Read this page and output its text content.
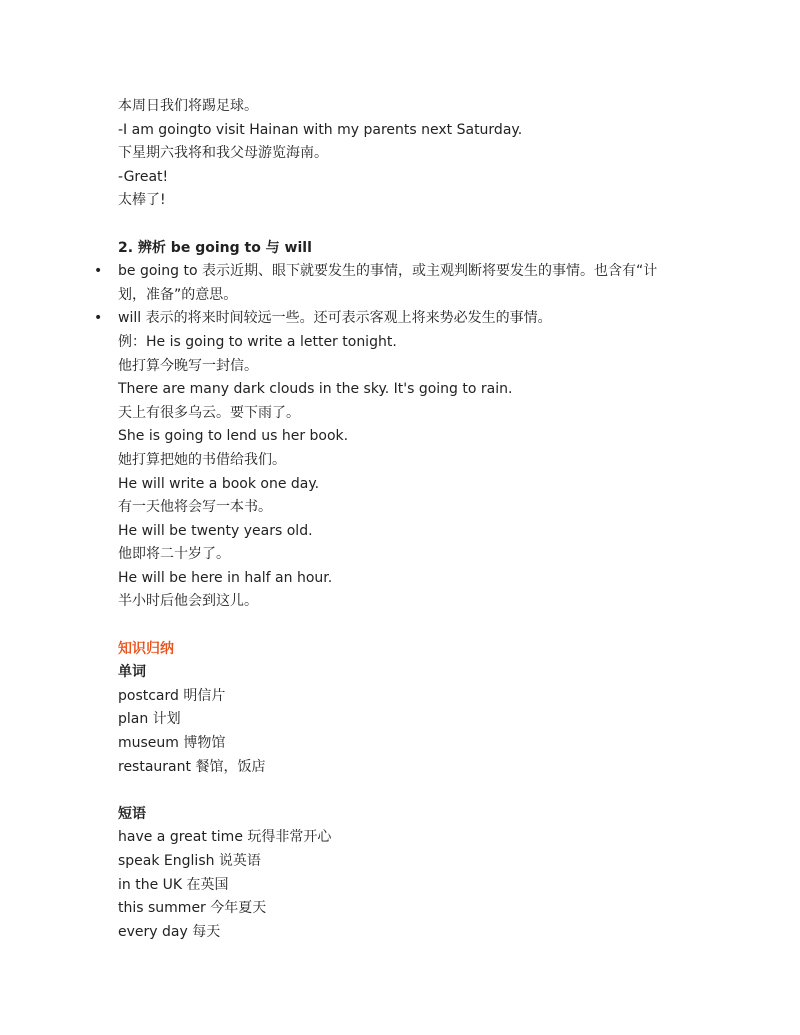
本周日我们将踢足球。
-I am goingto visit Hainan with my parents next Saturday.
下星期六我将和我父母游览海南。
-Great!
太棒了!
2. 辨析 be going to 与 will
• be going to 表示近期、眼下就要发生的事情，或主观判断将要发生的事情。也含有“计
划，准备”的意思。
• will 表示的将来时间较远一些。还可表示客观上将来势必发生的事情。
例：He is going to write a letter tonight.
他打算今晚写一封信。
There are many dark clouds in the sky. It's going to rain.
天上有很多乌云。要下雨了。
She is going to lend us her book.
她打算把她的书借给我们。
He will write a book one day.
有一天他将会写一本书。
He will be twenty years old.
他即将二十岁了。
He will be here in half an hour.
半小时后他会到这儿。
知识归纳
单词
postcard 明信片
plan 计划
museum 博物馆
restaurant 餐馆，饭店
短语
have a great time 玩得非常开心
speak English 说英语
in the UK 在英国
this summer 今年夏天
every day 每天
